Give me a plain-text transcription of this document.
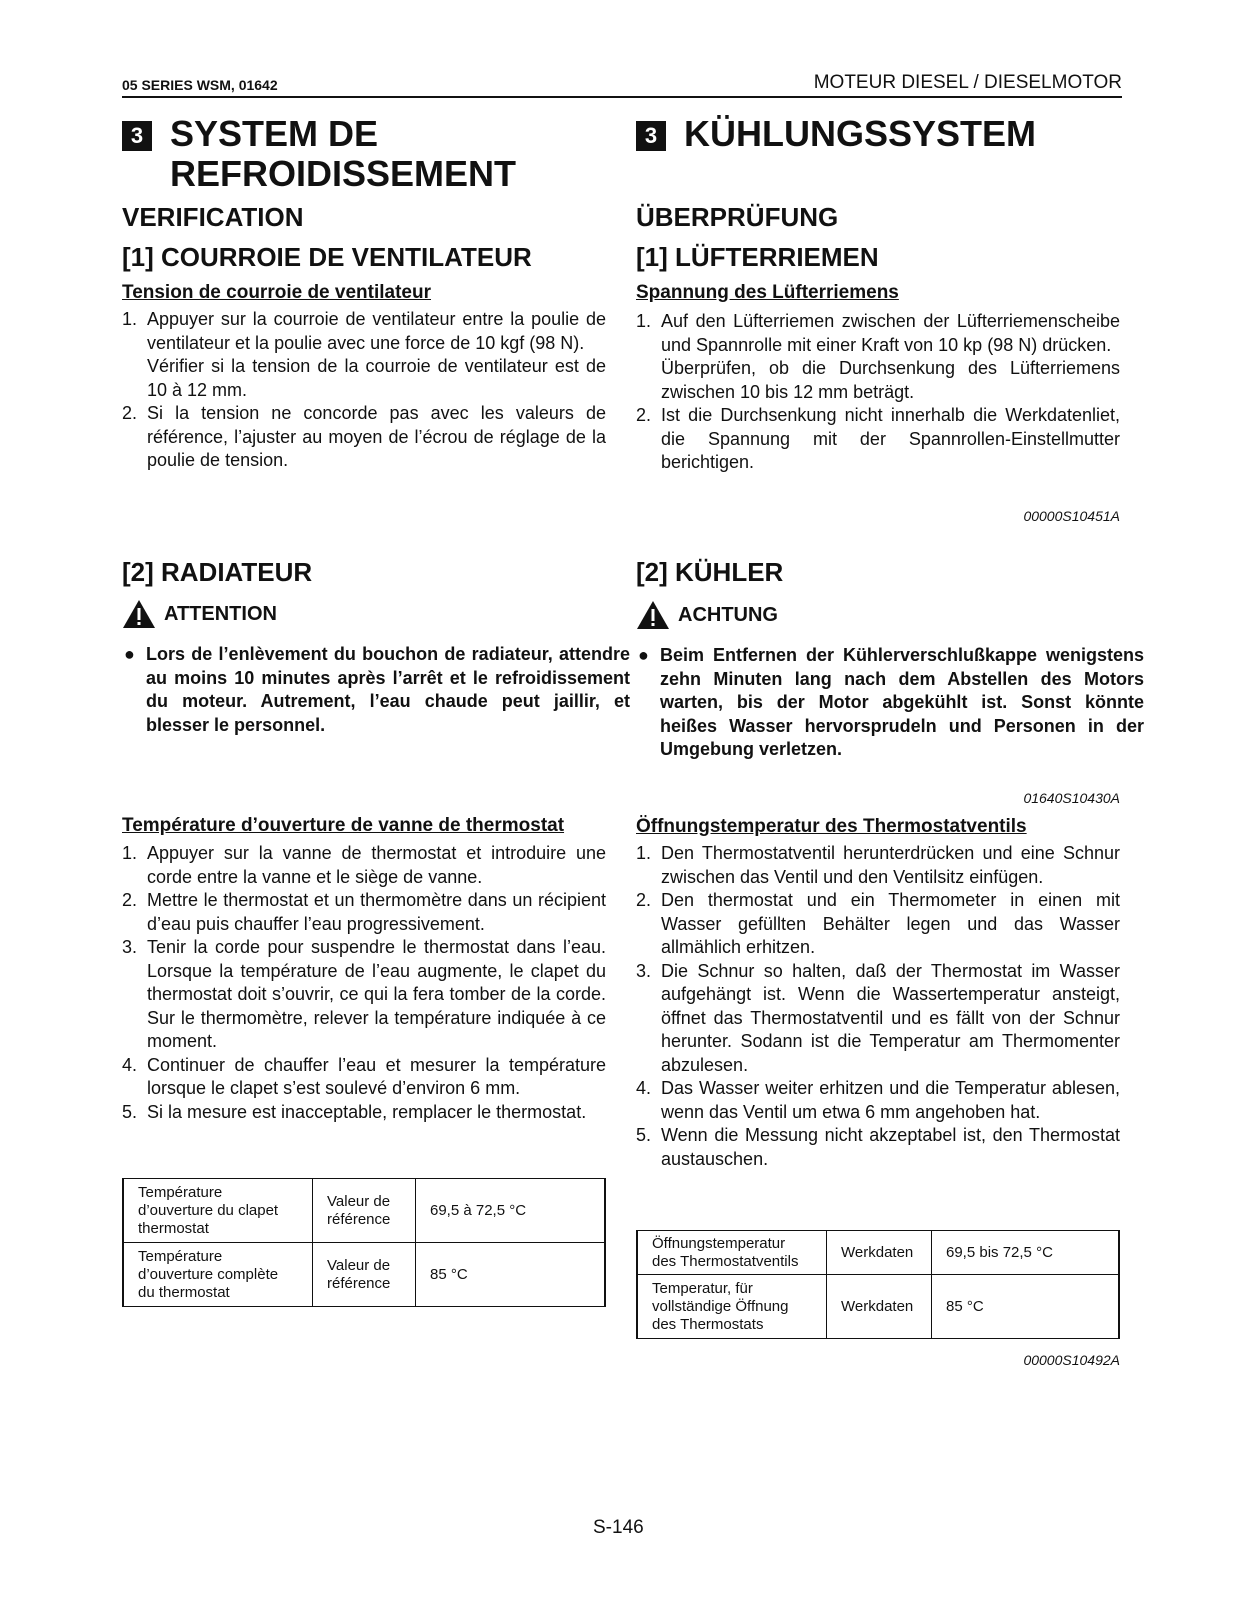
05 SERIES WSM, 01642	MOTEUR DIESEL / DIESELMOTOR
3 SYSTEM DE REFROIDISSEMENT
VERIFICATION
[1] COURROIE DE VENTILATEUR
Tension de courroie de ventilateur
1. Appuyer sur la courroie de ventilateur entre la poulie de ventilateur et la poulie avec une force de 10 kgf (98 N).
Vérifier si la tension de la courroie de ventilateur est de 10 à 12 mm.
2. Si la tension ne concorde pas avec les valeurs de référence, l’ajuster au moyen de l’écrou de réglage de la poulie de tension.
[2] RADIATEUR
ATTENTION
● Lors de l’enlèvement du bouchon de radiateur, attendre au moins 10 minutes après l’arrêt et le refroidissement du moteur. Autrement, l’eau chaude peut jaillir, et blesser le personnel.
Température d’ouverture de vanne de thermostat
1. Appuyer sur la vanne de thermostat et introduire une corde entre la vanne et le siège de vanne.
2. Mettre le thermostat et un thermomètre dans un récipient d’eau puis chauffer l’eau progressivement.
3. Tenir la corde pour suspendre le thermostat dans l’eau. Lorsque la température de l’eau augmente, le clapet du thermostat doit s’ouvrir, ce qui la fera tomber de la corde. Sur le thermomètre, relever la température indiquée à ce moment.
4. Continuer de chauffer l’eau et mesurer la température lorsque le clapet s’est soulevé d’environ 6 mm.
5. Si la mesure est inacceptable, remplacer le thermostat.
Température d’ouverture du clapet thermostat	Valeur de référence	69,5 à 72,5 °C
Température d’ouverture complète du thermostat	Valeur de référence	85 °C
3 KÜHLUNGSSYSTEM
ÜBERPRÜFUNG
[1] LÜFTERRIEMEN
Spannung des Lüfterriemens
1. Auf den Lüfterriemen zwischen der Lüfterriemenscheibe und Spannrolle mit einer Kraft von 10 kp (98 N) drücken.
Überprüfen, ob die Durchsenkung des Lüfterriemens zwischen 10 bis 12 mm beträgt.
2. Ist die Durchsenkung nicht innerhalb die Werkdatenliet, die Spannung mit der Spannrollen-Einstellmutter berichtigen.
00000S10451A
[2] KÜHLER
ACHTUNG
● Beim Entfernen der Kühlerverschlußkappe wenigstens zehn Minuten lang nach dem Abstellen des Motors warten, bis der Motor abgekühlt ist. Sonst könnte heißes Wasser hervorsprudeln und Personen in der Umgebung verletzen.
01640S10430A
Öffnungstemperatur des Thermostatventils
1. Den Thermostatventil herunterdrücken und eine Schnur zwischen das Ventil und den Ventilsitz einfügen.
2. Den thermostat und ein Thermometer in einen mit Wasser gefüllten Behälter legen und das Wasser allmählich erhitzen.
3. Die Schnur so halten, daß der Thermostat im Wasser aufgehängt ist. Wenn die Wassertemperatur ansteigt, öffnet das Thermostatventil und es fällt von der Schnur herunter. Sodann ist die Temperatur am Thermomenter abzulesen.
4. Das Wasser weiter erhitzen und die Temperatur ablesen, wenn das Ventil um etwa 6 mm angehoben hat.
5. Wenn die Messung nicht akzeptabel ist, den Thermostat austauschen.
Öffnungstemperatur des Thermostatventils	Werkdaten	69,5 bis 72,5 °C
Temperatur, für vollständige Öffnung des Thermostats	Werkdaten	85 °C
00000S10492A
S-146
